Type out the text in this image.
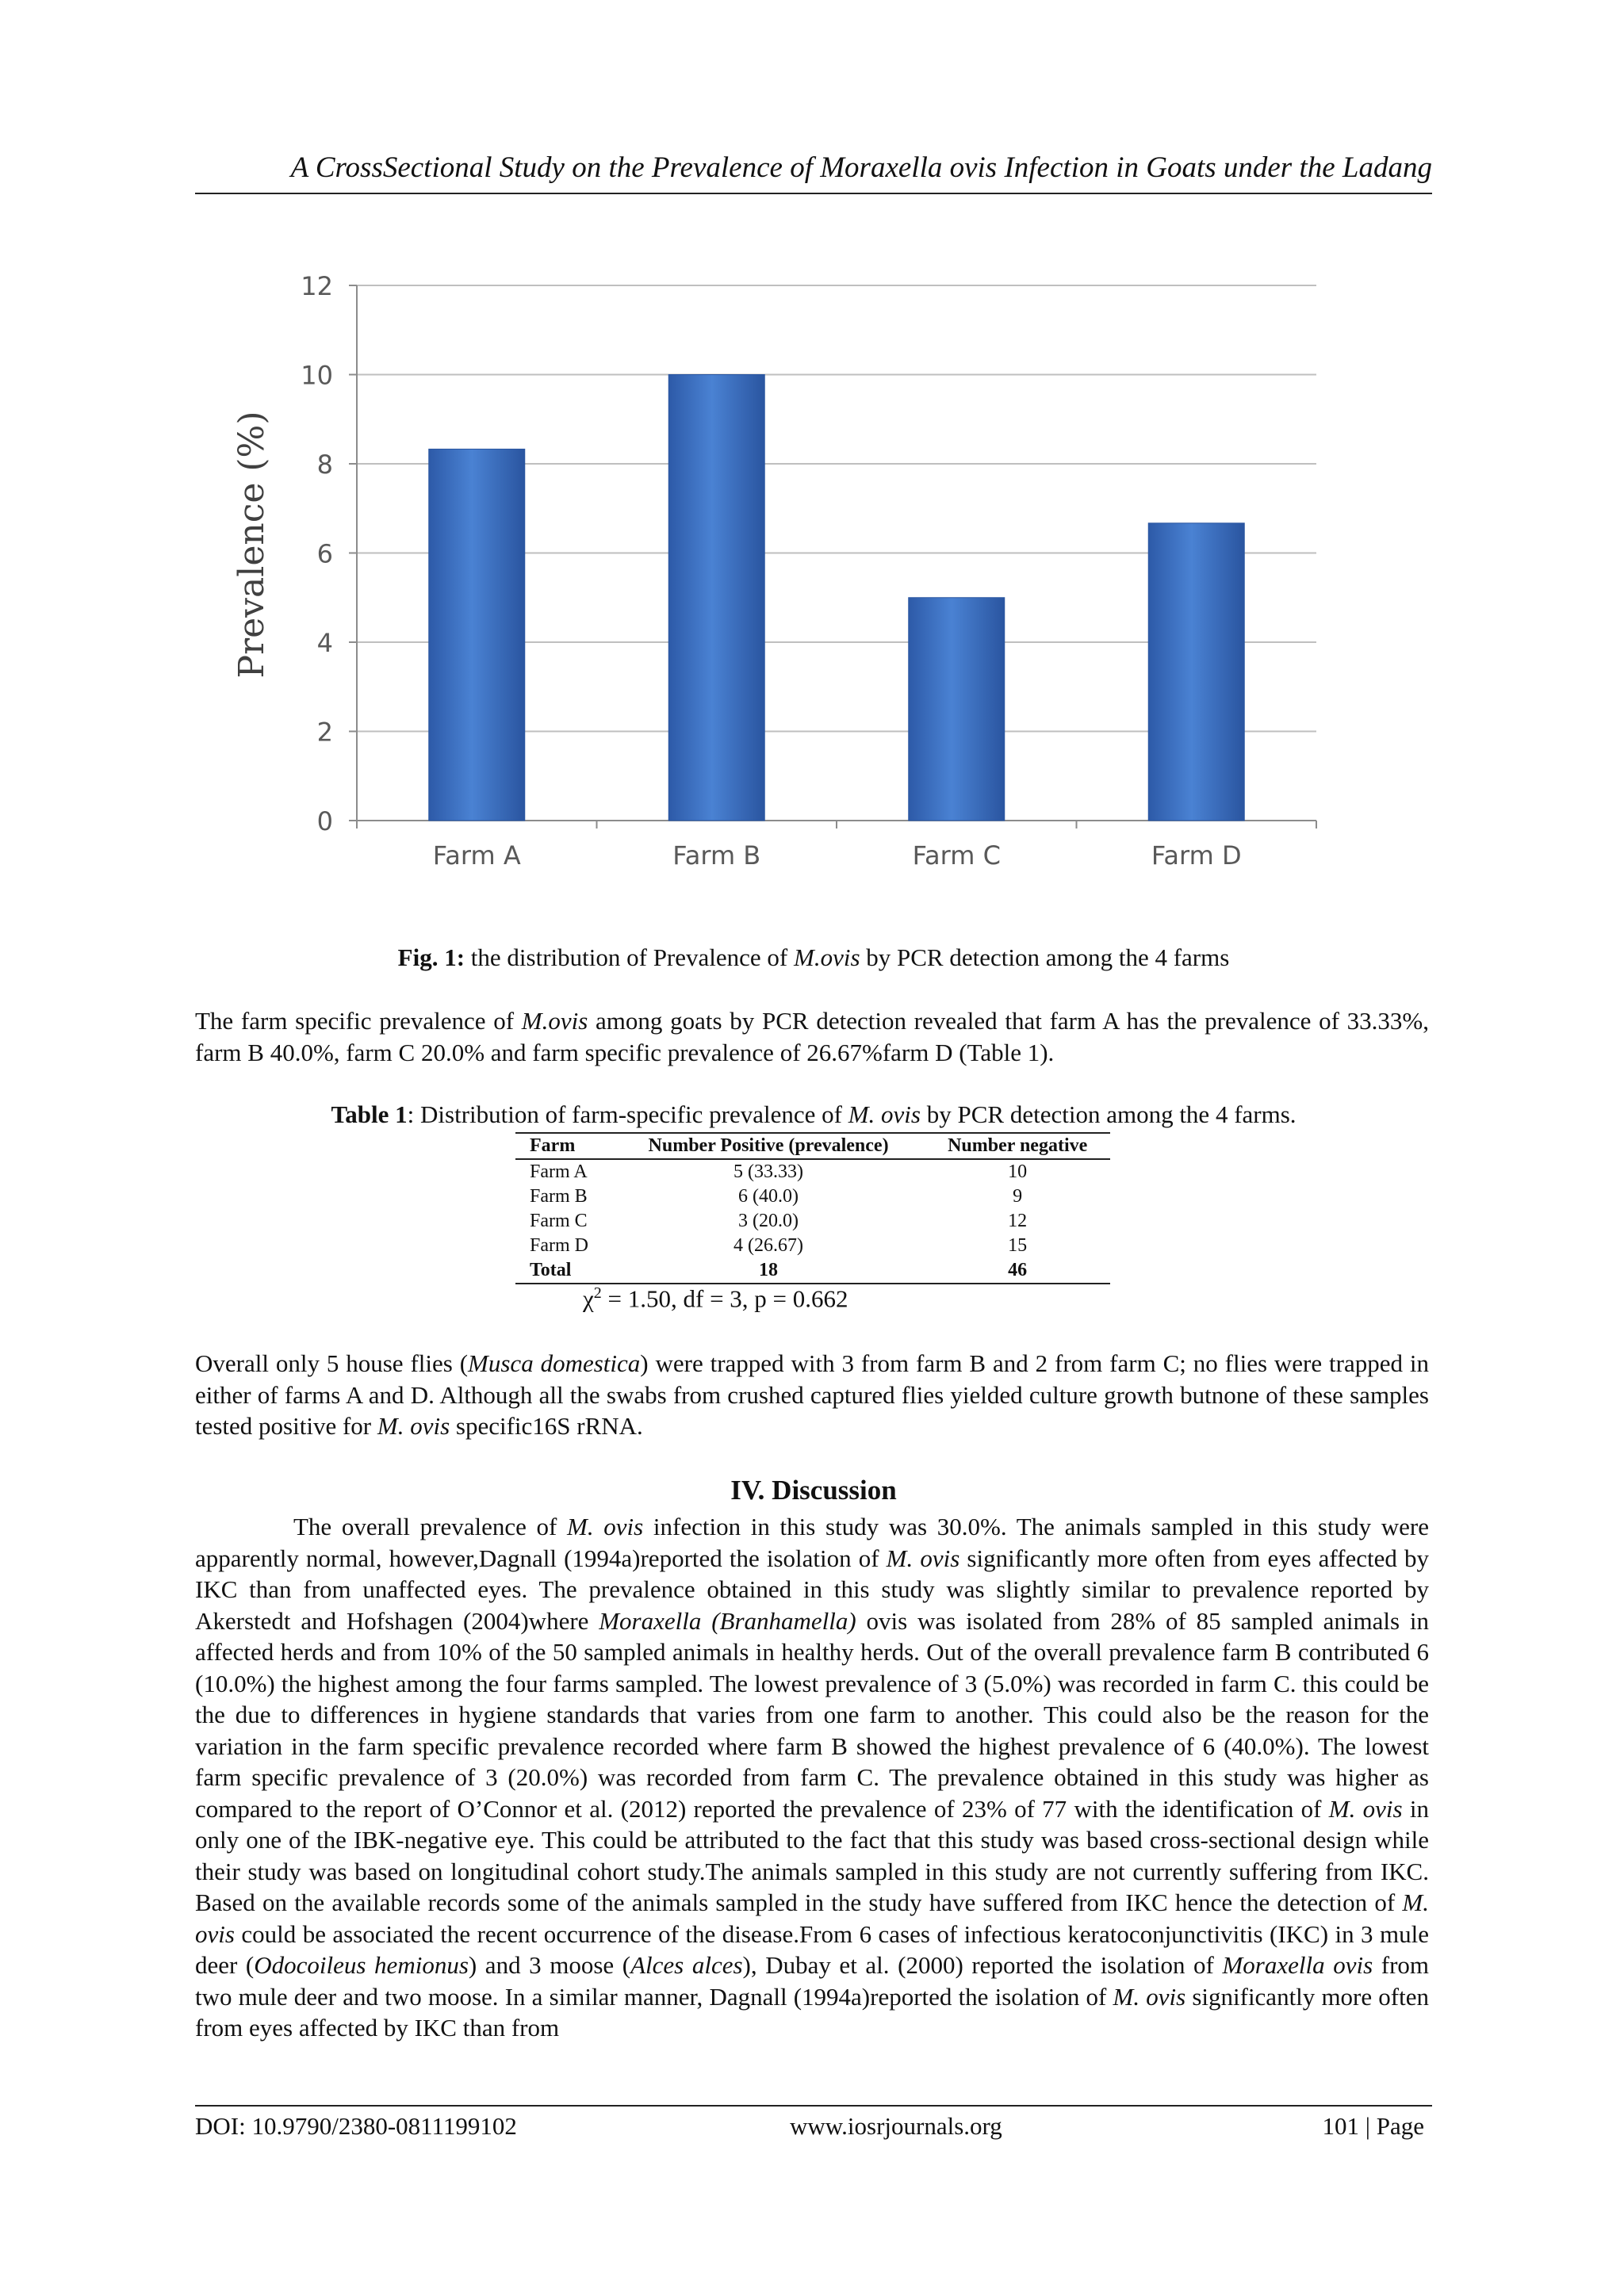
A CrossSectional Study on the Prevalence of Moraxella ovis Infection in Goats under the Ladang
0
2
4
6
8
10
12
Farm A	Farm B	Farm C	Farm D
Prevalence (%)
Fig. 1: the distribution of Prevalence of M.ovis by PCR detection among the 4 farms

The farm specific prevalence of M.ovis among goats by PCR detection revealed that farm A has the prevalence of 33.33%, farm B 40.0%, farm C 20.0% and farm specific prevalence of 26.67%farm D (Table 1).

Table 1: Distribution of farm-specific prevalence of M. ovis by PCR detection among the 4 farms.
Farm	Number Positive (prevalence)	Number negative
Farm A	5 (33.33)	10
Farm B	6 (40.0)	9
Farm C	3 (20.0)	12
Farm D	4 (26.67)	15
Total	18	46
$\chi^2 = 1.50$, df = 3, p = 0.662

Overall only 5 house flies (Musca domestica) were trapped with 3 from farm B and 2 from farm C; no flies were trapped in either of farms A and D. Although all the swabs from crushed captured flies yielded culture growth butnone of these samples tested positive for M. ovis specific16S rRNA.

IV. Discussion

The overall prevalence of M. ovis infection in this study was 30.0%. The animals sampled in this study were apparently normal, however,Dagnall (1994a)reported the isolation of M. ovis significantly more often from eyes affected by IKC than from unaffected eyes. The prevalence obtained in this study was slightly similar to prevalence reported by Akerstedt and Hofshagen (2004)where Moraxella (Branhamella) ovis was isolated from 28% of 85 sampled animals in affected herds and from 10% of the 50 sampled animals in healthy herds. Out of the overall prevalence farm B contributed 6 (10.0%) the highest among the four farms sampled. The lowest prevalence of 3 (5.0%) was recorded in farm C. this could be the due to differences in hygiene standards that varies from one farm to another. This could also be the reason for the variation in the farm specific prevalence recorded where farm B showed the highest prevalence of 6 (40.0%). The lowest farm specific prevalence of 3 (20.0%) was recorded from farm C. The prevalence obtained in this study was higher as compared to the report of O’Connor et al. (2012) reported the prevalence of 23% of 77 with the identification of M. ovis in only one of the IBK-negative eye. This could be attributed to the fact that this study was based cross-sectional design while their study was based on longitudinal cohort study.The animals sampled in this study are not currently suffering from IKC. Based on the available records some of the animals sampled in the study have suffered from IKC hence the detection of M. ovis could be associated the recent occurrence of the disease.From 6 cases of infectious keratoconjunctivitis (IKC) in 3 mule deer (Odocoileus hemionus) and 3 moose (Alces alces), Dubay et al. (2000) reported the isolation of Moraxella ovis from two mule deer and two moose. In a similar manner, Dagnall (1994a)reported the isolation of M. ovis significantly more often from eyes affected by IKC than from

DOI: 10.9790/2380-0811199102	www.iosrjournals.org	101 | Page
